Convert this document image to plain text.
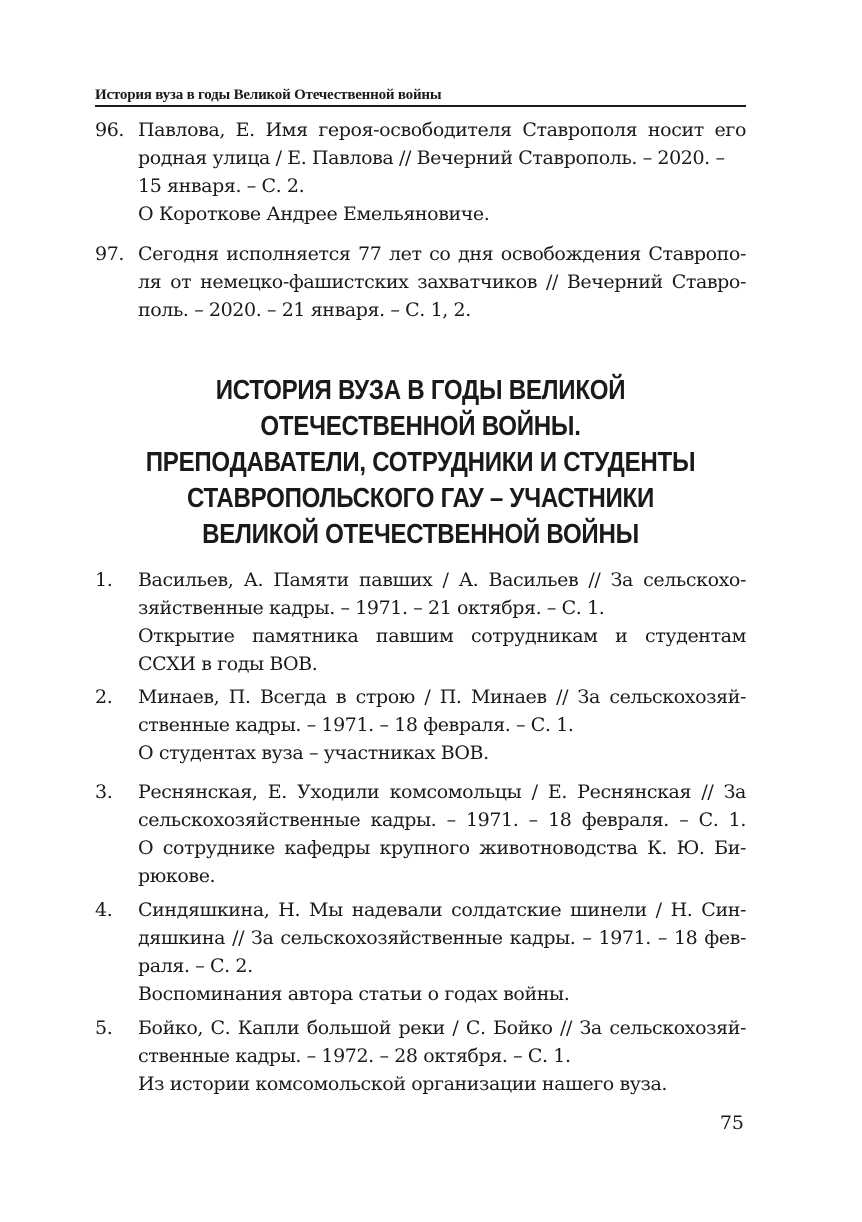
История вуза в годы Великой Отечественной войны
96. Павлова, Е. Имя героя-освободителя Ставрополя носит его
родная улица / Е. Павлова // Вечерний Ставрополь. – 2020. –
15 января. – С. 2.
О Короткове Андрее Емельяновиче.
97. Сегодня исполняется 77 лет со дня освобождения Ставропо-
ля от немецко-фашистских захватчиков // Вечерний Ставро-
поль. – 2020. – 21 января. – С. 1, 2.
ИСТОРИЯ ВУЗА В ГОДЫ ВЕЛИКОЙ
ОТЕЧЕСТВЕННОЙ ВОЙНЫ.
ПРЕПОДАВАТЕЛИ, СОТРУДНИКИ И СТУДЕНТЫ
СТАВРОПОЛЬСКОГО ГАУ – УЧАСТНИКИ
ВЕЛИКОЙ ОТЕЧЕСТВЕННОЙ ВОЙНЫ
1. Васильев, А. Памяти павших / А. Васильев // За сельскохо-
зяйственные кадры. – 1971. – 21 октября. – С. 1.
Открытие памятника павшим сотрудникам и студентам
ССХИ в годы ВОВ.
2. Минаев, П. Всегда в строю / П. Минаев // За сельскохозяй-
ственные кадры. – 1971. – 18 февраля. – С. 1.
О студентах вуза – участниках ВОВ.
3. Реснянская, Е. Уходили комсомольцы / Е. Реснянская // За
сельскохозяйственные кадры. – 1971. – 18 февраля. – С. 1.
О сотруднике кафедры крупного животноводства К. Ю. Би-
рюкове.
4. Синдяшкина, Н. Мы надевали солдатские шинели / Н. Син-
дяшкина // За сельскохозяйственные кадры. – 1971. – 18 фев-
раля. – С. 2.
Воспоминания автора статьи о годах войны.
5. Бойко, С. Капли большой реки / С. Бойко // За сельскохозяй-
ственные кадры. – 1972. – 28 октября. – С. 1.
Из истории комсомольской организации нашего вуза.
75
